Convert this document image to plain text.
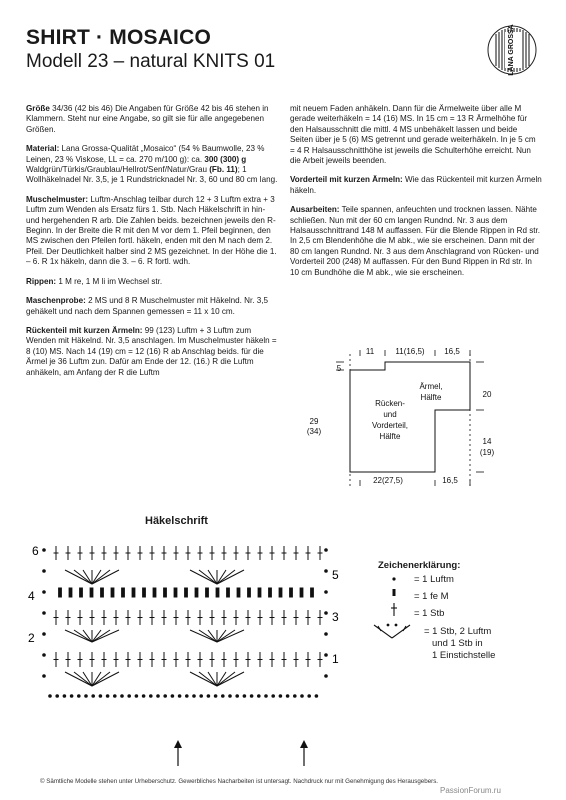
SHIRT · MOSAICO
Modell 23 – natural KNITS 01	LANA GROSSA

Größe 34/36 (42 bis 46) Die Angaben für Größe 42 bis 46 stehen in Klammern. Steht nur eine Angabe, so gilt sie für alle angegebenen Größen.

Material: Lana Grossa-Qualität „Mosaico“ (54 % Baumwolle, 23 % Leinen, 23 % Viskose, LL = ca. 270 m/100 g): ca. 300 (300) g Waldgrün/Türkis/Graublau/Hellrot/Senf/Natur/Grau (Fb. 11); 1 Wollhäkelnadel Nr. 3,5, je 1 Rundstricknadel Nr. 3, 60 und 80 cm lang.

Muschelmuster: Luftm-Anschlag teilbar durch 12 + 3 Luftm extra + 3 Luftm zum Wenden als Ersatz fürs 1. Stb. Nach Häkelschrift in hin- und hergehenden R arb. Die Zahlen beids. bezeichnen jeweils den R-Beginn. In der Breite die R mit den M vor dem 1. Pfeil beginnen, den MS zwischen den Pfeilen fortl. häkeln, enden mit den M nach dem 2. Pfeil. Der Deutlichkeit halber sind 2 MS gezeichnet. In der Höhe die 1. – 6. R 1x häkeln, dann die 3. – 6. R fortl. wdh.

Rippen: 1 M re, 1 M li im Wechsel str.

Maschenprobe: 2 MS und 8 R Muschelmuster mit Häkelnd. Nr. 3,5 gehäkelt und nach dem Spannen gemessen = 11 x 10 cm.

Rückenteil mit kurzen Ärmeln: 99 (123) Luftm + 3 Luftm zum Wenden mit Häkelnd. Nr. 3,5 anschlagen. Im Muschelmuster häkeln = 8 (10) MS. Nach 14 (19) cm = 12 (16) R ab Anschlag beids. für die Ärmel je 36 Luftm zun. Dafür am Ende der 12. (16.) R die Luftm anhäkeln, am Anfang der R die Luftm

mit neuem Faden anhäkeln. Dann für die Ärmelweite über alle M gerade weiterhäkeln = 14 (16) MS. In 15 cm = 13 R Ärmelhöhe für den Halsausschnitt die mittl. 4 MS unbehäkelt lassen und beide Seiten über je 5 (6) MS getrennt und gerade weiterhäkeln. In je 5 cm = 4 R Halsausschnitthöhe ist jeweils die Schulterhöhe erreicht. Nun die Arbeit jeweils beenden.

Vorderteil mit kurzen Ärmeln: Wie das Rückenteil mit kurzen Ärmeln häkeln.

Ausarbeiten: Teile spannen, anfeuchten und trocknen lassen. Nähte schließen. Nun mit der 60 cm langen Rundnd. Nr. 3 aus dem Halsausschnittrand 148 M auffassen. Für die Blende Rippen in Rd str. In 2,5 cm Blendenhöhe die M abk., wie sie erscheinen. Dann mit der 80 cm langen Rundnd. Nr. 3 aus dem Anschlagrand von Rücken- und Vorderteil 200 (248) M auffassen. Für den Bund Rippen in Rd str. In 10 cm Bundhöhe die M abk., wie sie erscheinen.

11	11(16,5) 16,5
5
29
(34)
20
14
(19)
22(27,5)	16,5
Rücken-
und
Vorderteil,
Hälfte
Ärmel,
Hälfte
Häkelschrift
6
4
2
5
3
1
Zeichenerklärung:
= 1 Luftm
= 1 fe M
= 1 Stb
= 1 Stb, 2 Luftm
und 1 Stb in
1 Einstichstelle
© Sämtliche Modelle stehen unter Urheberschutz. Gewerbliches Nacharbeiten ist untersagt. Nachdruck nur mit Genehmigung des Herausgebers.
PassionForum.ru
